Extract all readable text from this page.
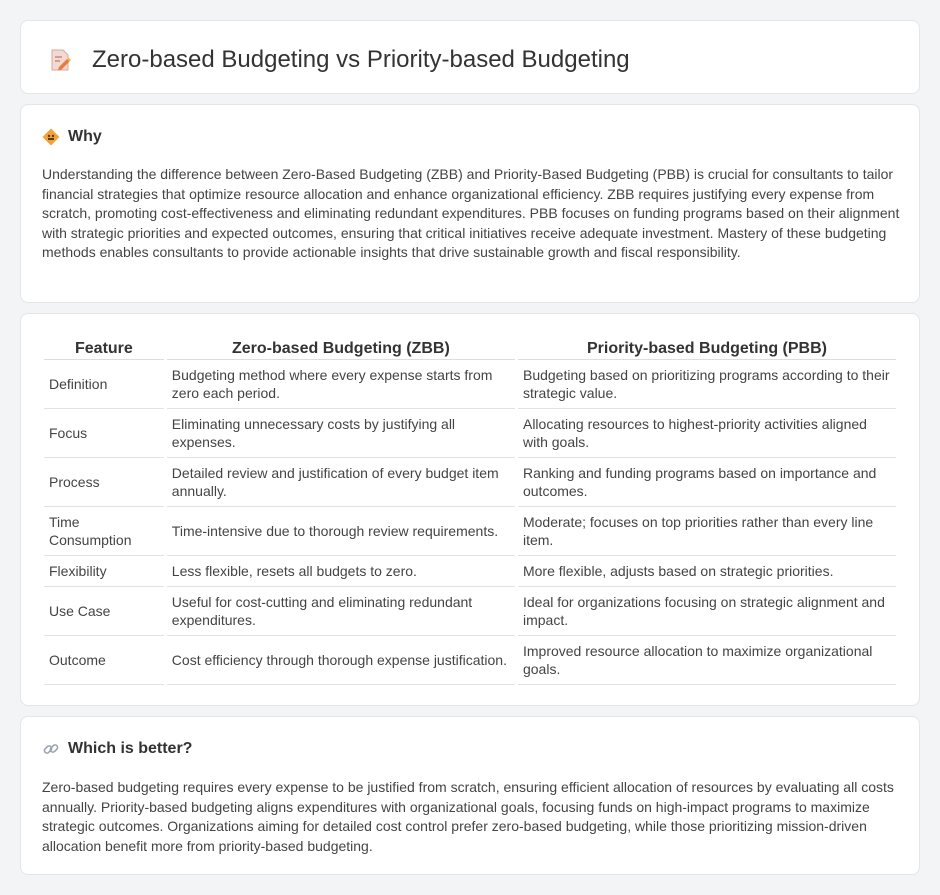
Zero-based Budgeting vs Priority-based Budgeting
Why

Understanding the difference between Zero-Based Budgeting (ZBB) and Priority-Based Budgeting (PBB) is crucial for consultants to tailor financial strategies that optimize resource allocation and enhance organizational efficiency. ZBB requires justifying every expense from scratch, promoting cost-effectiveness and eliminating redundant expenditures. PBB focuses on funding programs based on their alignment with strategic priorities and expected outcomes, ensuring that critical initiatives receive adequate investment. Mastery of these budgeting methods enables consultants to provide actionable insights that drive sustainable growth and fiscal responsibility.

Feature	Zero-based Budgeting (ZBB)	Priority-based Budgeting (PBB)
Definition	Budgeting method where every expense starts from zero each period.	Budgeting based on prioritizing programs according to their strategic value.
Focus	Eliminating unnecessary costs by justifying all expenses.	Allocating resources to highest-priority activities aligned with goals.
Process	Detailed review and justification of every budget item annually.	Ranking and funding programs based on importance and outcomes.
Time Consumption	Time-intensive due to thorough review requirements.	Moderate; focuses on top priorities rather than every line item.
Flexibility	Less flexible, resets all budgets to zero.	More flexible, adjusts based on strategic priorities.
Use Case	Useful for cost-cutting and eliminating redundant expenditures.	Ideal for organizations focusing on strategic alignment and impact.
Outcome	Cost efficiency through thorough expense justification.	Improved resource allocation to maximize organizational goals.
Which is better?

Zero-based budgeting requires every expense to be justified from scratch, ensuring efficient allocation of resources by evaluating all costs annually. Priority-based budgeting aligns expenditures with organizational goals, focusing funds on high-impact programs to maximize strategic outcomes. Organizations aiming for detailed cost control prefer zero-based budgeting, while those prioritizing mission-driven allocation benefit more from priority-based budgeting.
